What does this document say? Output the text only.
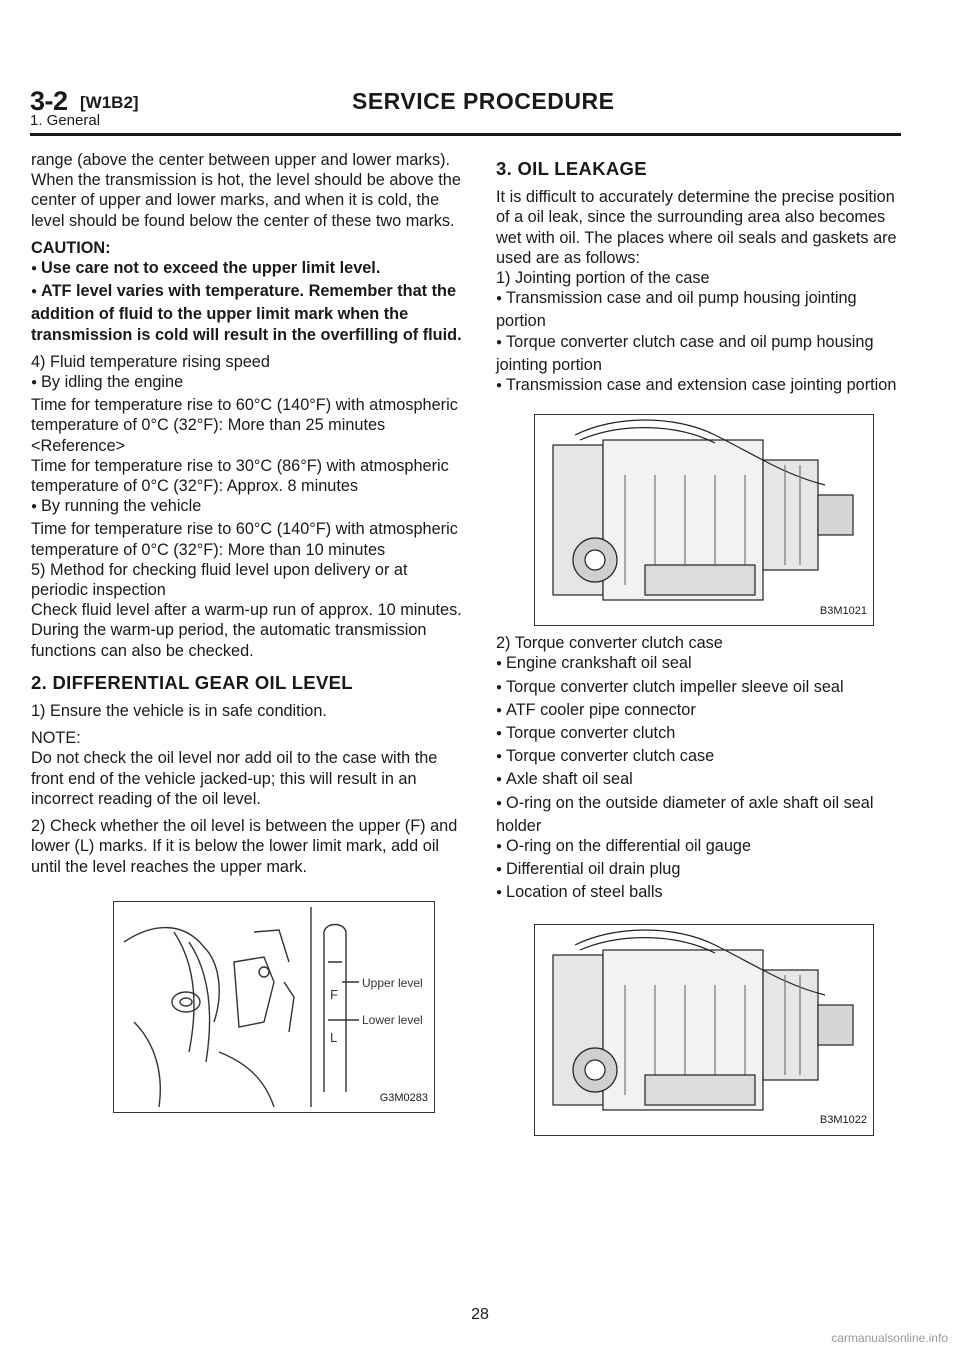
3-2 [W1B2]	SERVICE PROCEDURE
1. General

range (above the center between upper and lower marks). When the transmission is hot, the level should be above the center of upper and lower marks, and when it is cold, the level should be found below the center of these two marks.

CAUTION:

● Use care not to exceed the upper limit level.

● ATF level varies with temperature. Remember that the addition of fluid to the upper limit mark when the transmission is cold will result in the overfilling of fluid.

4) Fluid temperature rising speed

● By idling the engine

Time for temperature rise to 60°C (140°F) with atmospheric temperature of 0°C (32°F): More than 25 minutes

<Reference>

Time for temperature rise to 30°C (86°F) with atmospheric temperature of 0°C (32°F): Approx. 8 minutes

● By running the vehicle

Time for temperature rise to 60°C (140°F) with atmospheric temperature of 0°C (32°F): More than 10 minutes

5) Method for checking fluid level upon delivery or at periodic inspection

Check fluid level after a warm-up run of approx. 10 minutes. During the warm-up period, the automatic transmission functions can also be checked.

2. DIFFERENTIAL GEAR OIL LEVEL

1) Ensure the vehicle is in safe condition.

NOTE:

Do not check the oil level nor add oil to the case with the front end of the vehicle jacked-up; this will result in an incorrect reading of the oil level.

2) Check whether the oil level is between the upper (F) and lower (L) marks. If it is below the lower limit mark, add oil until the level reaches the upper mark.

F
L
Upper level
Lower level
G3M0283
3. OIL LEAKAGE

It is difficult to accurately determine the precise position of a oil leak, since the surrounding area also becomes wet with oil. The places where oil seals and gaskets are used are as follows:

1) Jointing portion of the case

● Transmission case and oil pump housing jointing portion

● Torque converter clutch case and oil pump housing jointing portion

● Transmission case and extension case jointing portion

B3M1021

2) Torque converter clutch case

● Engine crankshaft oil seal

● Torque converter clutch impeller sleeve oil seal

● ATF cooler pipe connector

● Torque converter clutch

● Torque converter clutch case

● Axle shaft oil seal

● O-ring on the outside diameter of axle shaft oil seal holder

● O-ring on the differential oil gauge

● Differential oil drain plug

● Location of steel balls

B3M1022
28
carmanualsonline.info
